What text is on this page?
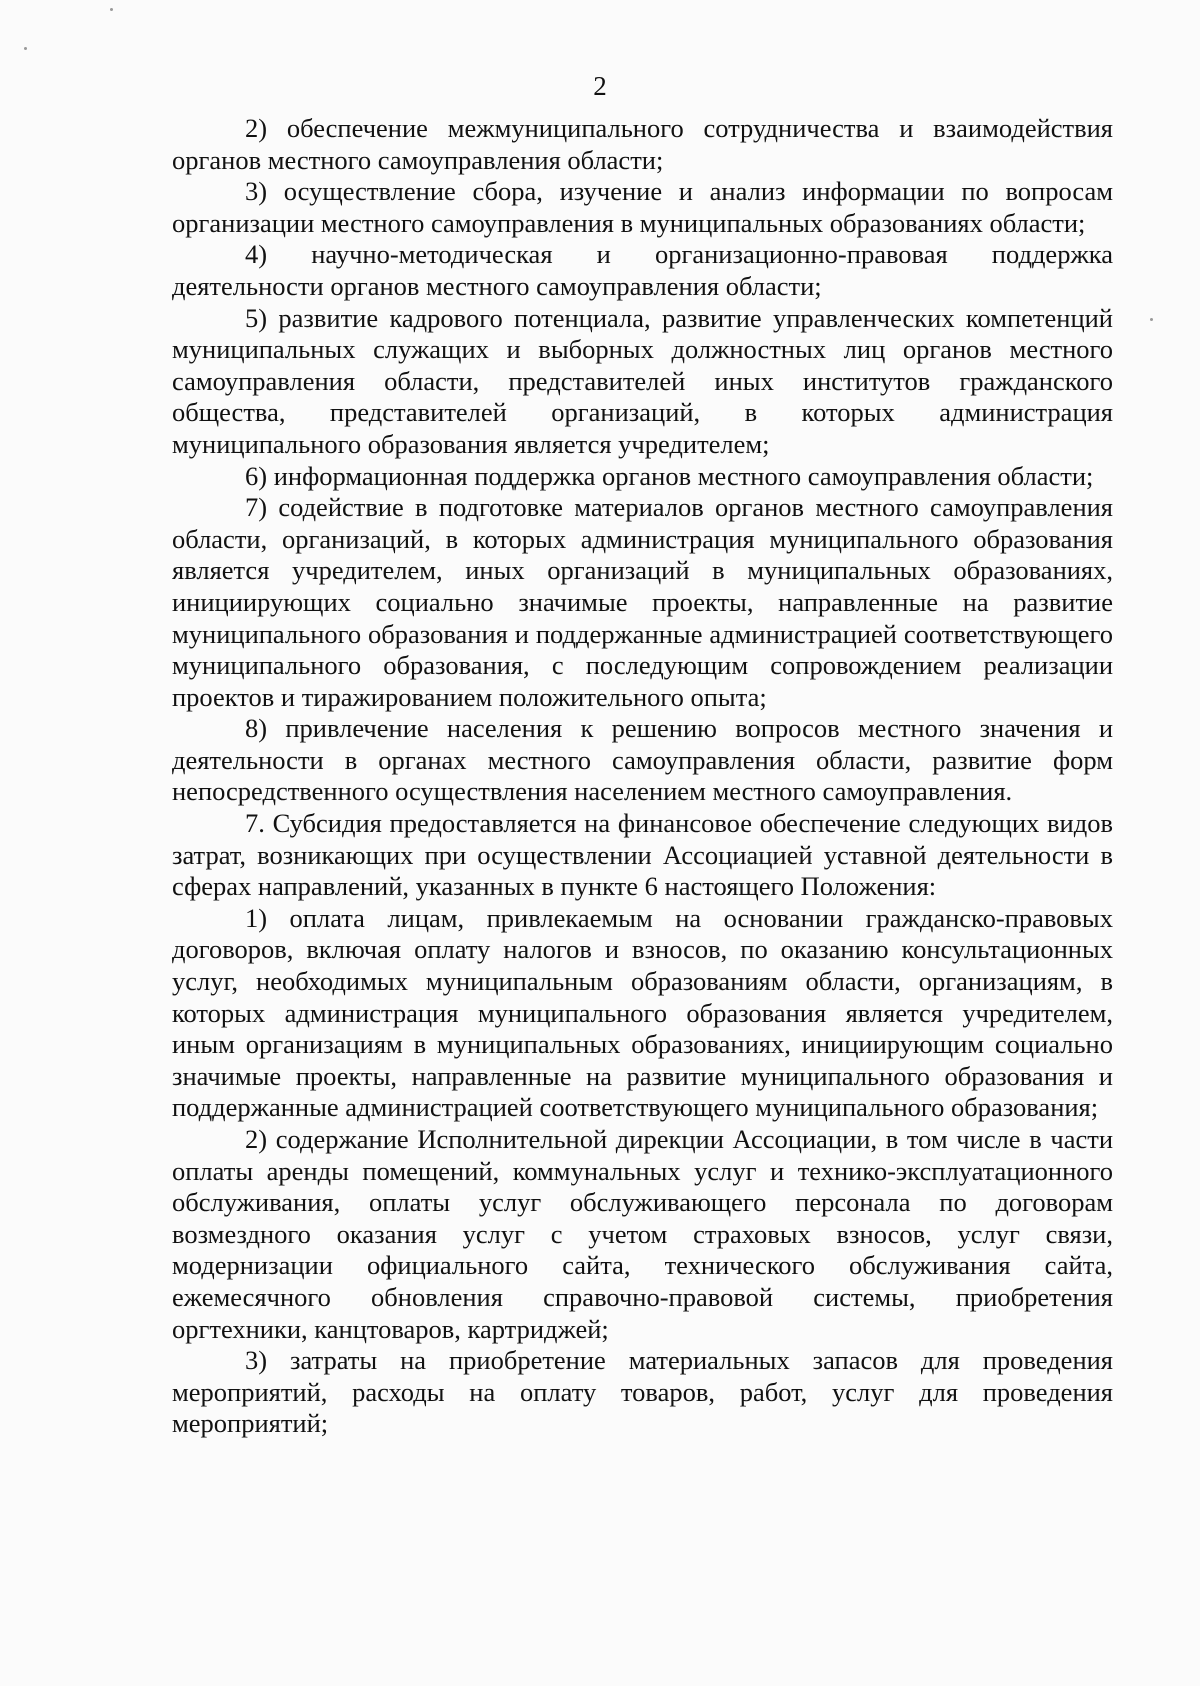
2

2) обеспечение межмуниципального сотрудничества и взаимодействия органов местного самоуправления области;

3) осуществление сбора, изучение и анализ информации по вопросам организации местного самоуправления в муниципальных образованиях области;

4) научно-методическая и организационно-правовая поддержка деятельности органов местного самоуправления области;

5) развитие кадрового потенциала, развитие управленческих компетенций муниципальных служащих и выборных должностных лиц органов местного самоуправления области, представителей иных институтов гражданского общества, представителей организаций, в которых администрация муниципального образования является учредителем;

6) информационная поддержка органов местного самоуправления области;

7) содействие в подготовке материалов органов местного самоуправления области, организаций, в которых администрация муниципального образования является учредителем, иных организаций в муниципальных образованиях, инициирующих социально значимые проекты, направленные на развитие муниципального образования и поддержанные администрацией соответствующего муниципального образования, с последующим сопровождением реализации проектов и тиражированием положительного опыта;

8) привлечение населения к решению вопросов местного значения и деятельности в органах местного самоуправления области, развитие форм непосредственного осуществления населением местного самоуправления.

7. Субсидия предоставляется на финансовое обеспечение следующих видов затрат, возникающих при осуществлении Ассоциацией уставной деятельности в сферах направлений, указанных в пункте 6 настоящего Положения:

1) оплата лицам, привлекаемым на основании гражданско-правовых договоров, включая оплату налогов и взносов, по оказанию консультационных услуг, необходимых муниципальным образованиям области, организациям, в которых администрация муниципального образования является учредителем, иным организациям в муниципальных образованиях, инициирующим социально значимые проекты, направленные на развитие муниципального образования и поддержанные администрацией соответствующего муниципального образования;

2) содержание Исполнительной дирекции Ассоциации, в том числе в части оплаты аренды помещений, коммунальных услуг и технико-эксплуатационного обслуживания, оплаты услуг обслуживающего персонала по договорам возмездного оказания услуг с учетом страховых взносов, услуг связи, модернизации официального сайта, технического обслуживания сайта, ежемесячного обновления справочно-правовой системы, приобретения оргтехники, канцтоваров, картриджей;

3) затраты на приобретение материальных запасов для проведения мероприятий, расходы на оплату товаров, работ, услуг для проведения мероприятий;
